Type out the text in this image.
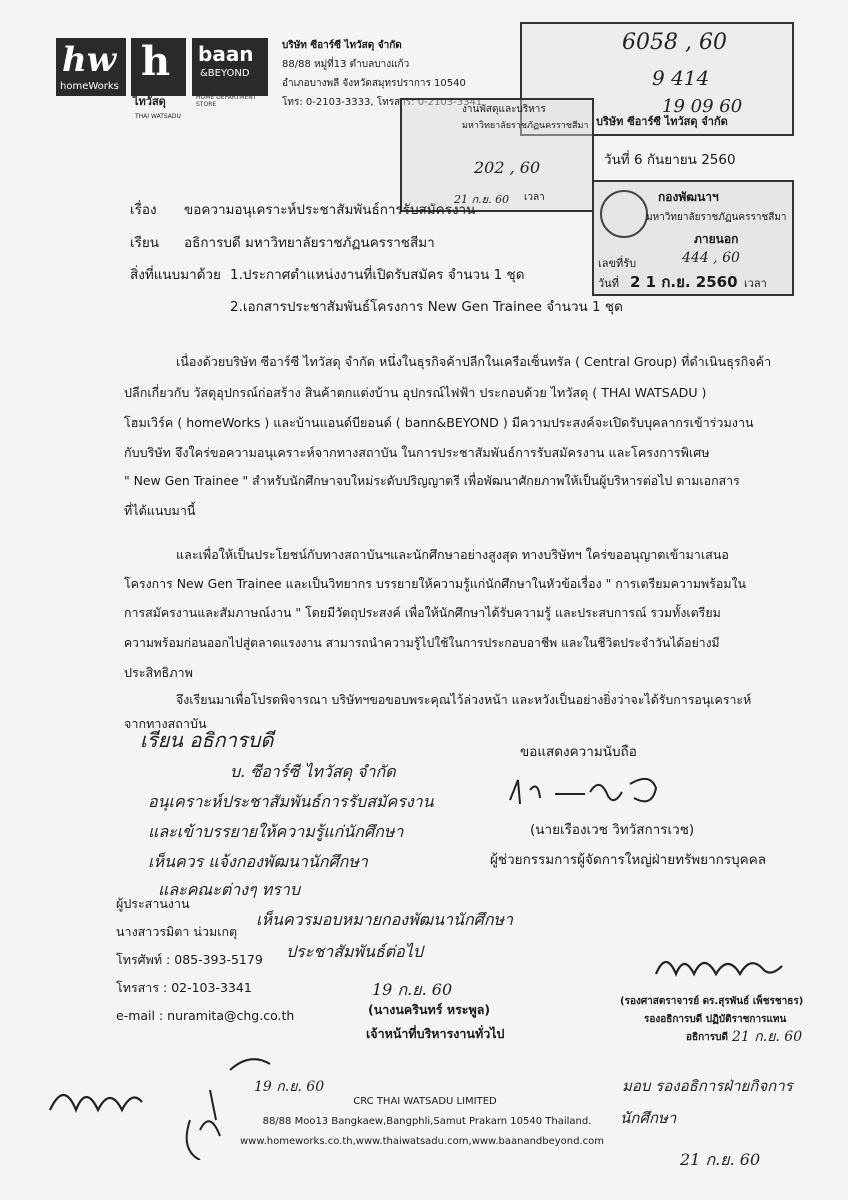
hw
homeWorks
h
ไทวัสดุ
THAI WATSADU
baan
&BEYOND
HOME DEPARTMENT STORE
บริษัท ซีอาร์ซี ไทวัสดุ จำกัด
88/88 หมู่ที่13 ตำบลบางแก้ว
อำเภอบางพลี จังหวัดสมุทรปราการ 10540
โทร: 0-2103-3333, โทรสาร: 0-2103-3341
6058 , 60
9 414
19 09 60
บริษัท ซีอาร์ซี ไทวัสดุ จำกัด
วันที่ 6 กันยายน 2560
งานพัสดุและบริหาร
มหาวิทยาลัยราชภัฏนครราชสีมา
202 , 60
21 ก.ย. 60 เวลา	กองพัฒนาฯ
มหาวิทยาลัยราชภัฏนครราชสีมา
ภายนอก
เลขที่รับ	444 , 60
วันที่ 2 1 ก.ย. 2560 เวลา
เรื่อง ขอความอนุเคราะห์ประชาสัมพันธ์การรับสมัครงาน
เรียน อธิการบดี มหาวิทยาลัยราชภัฏนครราชสีมา
สิ่งที่แนบมาด้วย 1.ประกาศตำแหน่งงานที่เปิดรับสมัคร จำนวน 1 ชุด
2.เอกสารประชาสัมพันธ์โครงการ New Gen Trainee จำนวน 1 ชุด
เนื่องด้วยบริษัท ซีอาร์ซี ไทวัสดุ จำกัด หนึ่งในธุรกิจค้าปลีกในเครือเซ็นทรัล ( Central Group) ที่ดำเนินธุรกิจค้า
ปลีกเกี่ยวกับ วัสดุอุปกรณ์ก่อสร้าง สินค้าตกแต่งบ้าน อุปกรณ์ไฟฟ้า ประกอบด้วย ไทวัสดุ ( THAI WATSADU )
โฮมเวิร์ค ( homeWorks ) และบ้านแอนด์บียอนด์ ( bann&BEYOND ) มีความประสงค์จะเปิดรับบุคลากรเข้าร่วมงาน
กับบริษัท จึงใคร่ขอความอนุเคราะห์จากทางสถาบัน ในการประชาสัมพันธ์การรับสมัครงาน และโครงการพิเศษ
" New Gen Trainee " สำหรับนักศึกษาจบใหม่ระดับปริญญาตรี เพื่อพัฒนาศักยภาพให้เป็นผู้บริหารต่อไป ตามเอกสาร
ที่ได้แนบมานี้
และเพื่อให้เป็นประโยชน์กับทางสถาบันฯและนักศึกษาอย่างสูงสุด ทางบริษัทฯ ใคร่ขออนุญาตเข้ามาเสนอ
โครงการ New Gen Trainee และเป็นวิทยากร บรรยายให้ความรู้แก่นักศึกษาในหัวข้อเรื่อง " การเตรียมความพร้อมใน
การสมัครงานและสัมภาษณ์งาน " โดยมีวัตถุประสงค์ เพื่อให้นักศึกษาได้รับความรู้ และประสบการณ์ รวมทั้งเตรียม
ความพร้อมก่อนออกไปสู่ตลาดแรงงาน สามารถนำความรู้ไปใช้ในการประกอบอาชีพ และในชีวิตประจำวันได้อย่างมี
ประสิทธิภาพ
จึงเรียนมาเพื่อโปรดพิจารณา บริษัทฯขอขอบพระคุณไว้ล่วงหน้า และหวังเป็นอย่างยิ่งว่าจะได้รับการอนุเคราะห์
จากทางสถาบัน
ขอแสดงความนับถือ
(นายเรืองเวช วิทวัสการเวช)
ผู้ช่วยกรรมการผู้จัดการใหญ่ฝ่ายทรัพยากรบุคคล
เรียน อธิการบดี
บ. ซีอาร์ซี ไทวัสดุ จำกัด
อนุเคราะห์ประชาสัมพันธ์การรับสมัครงาน
และเข้าบรรยายให้ความรู้แก่นักศึกษา
เห็นควร แจ้งกองพัฒนานักศึกษา
และคณะต่างๆ ทราบ
เห็นควรมอบหมายกองพัฒนานักศึกษา
ประชาสัมพันธ์ต่อไป
19 ก.ย. 60
(นางนครินทร์ หระพูล)
เจ้าหน้าที่บริหารงานทั่วไป
ผู้ประสานงาน
นางสาวรมิตา น่วมเกตุ
โทรศัพท์ : 085-393-5179
โทรสาร : 02-103-3341
e-mail : nuramita@chg.co.th
(รองศาสตราจารย์ ดร.สุรพันธ์ เพ็ชรชาธร)
รองอธิการบดี ปฏิบัติราชการแทน
อธิการบดี 21 ก.ย. 60
19 ก.ย. 60	มอบ รองอธิการฝ่ายกิจการ
นักศึกษา
21 ก.ย. 60
CRC THAI WATSADU LIMITED
88/88 Moo13 Bangkaew,Bangphli,Samut Prakarn 10540 Thailand.
www.homeworks.co.th,www.thaiwatsadu.com,www.baanandbeyond.com
